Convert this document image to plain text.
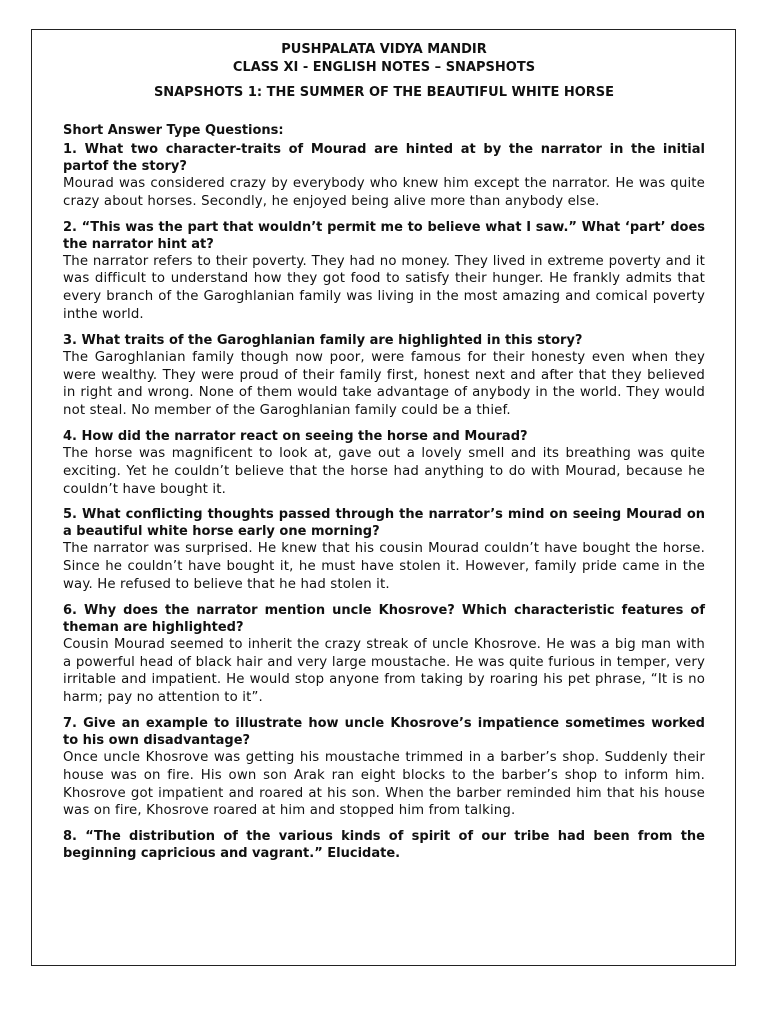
PUSHPALATA VIDYA MANDIR
CLASS XI - ENGLISH NOTES – SNAPSHOTS
SNAPSHOTS 1: THE SUMMER OF THE BEAUTIFUL WHITE HORSE
Short Answer Type Questions:
1. What two character-traits of Mourad are hinted at by the narrator in the initial partof the story?
Mourad was considered crazy by everybody who knew him except the narrator. He was quite crazy about horses. Secondly, he enjoyed being alive more than anybody else.
2. “This was the part that wouldn’t permit me to believe what I saw.” What ‘part’ does the narrator hint at?
The narrator refers to their poverty. They had no money. They lived in extreme poverty and it was difficult to understand how they got food to satisfy their hunger. He frankly admits that every branch of the Garoghlanian family was living in the most amazing and comical poverty inthe world.
3. What traits of the Garoghlanian family are highlighted in this story?
The Garoghlanian family though now poor, were famous for their honesty even when they were wealthy. They were proud of their family first, honest next and after that they believed in right and wrong. None of them would take advantage of anybody in the world. They would not steal. No member of the Garoghlanian family could be a thief.
4. How did the narrator react on seeing the horse and Mourad?
The horse was magnificent to look at, gave out a lovely smell and its breathing was quite exciting. Yet he couldn’t believe that the horse had anything to do with Mourad, because he couldn’t have bought it.
5. What conflicting thoughts passed through the narrator’s mind on seeing Mourad on a beautiful white horse early one morning?
The narrator was surprised. He knew that his cousin Mourad couldn’t have bought the horse. Since he couldn’t have bought it, he must have stolen it. However, family pride came in the way. He refused to believe that he had stolen it.
6. Why does the narrator mention uncle Khosrove? Which characteristic features of theman are highlighted?
Cousin Mourad seemed to inherit the crazy streak of uncle Khosrove. He was a big man with a powerful head of black hair and very large moustache. He was quite furious in temper, very irritable and impatient. He would stop anyone from taking by roaring his pet phrase, “It is no harm; pay no attention to it”.
7. Give an example to illustrate how uncle Khosrove’s impatience sometimes worked to his own disadvantage?
Once uncle Khosrove was getting his moustache trimmed in a barber’s shop. Suddenly their house was on fire. His own son Arak ran eight blocks to the barber’s shop to inform him. Khosrove got impatient and roared at his son. When the barber reminded him that his house was on fire, Khosrove roared at him and stopped him from talking.
8. “The distribution of the various kinds of spirit of our tribe had been from the beginning capricious and vagrant.” Elucidate.
